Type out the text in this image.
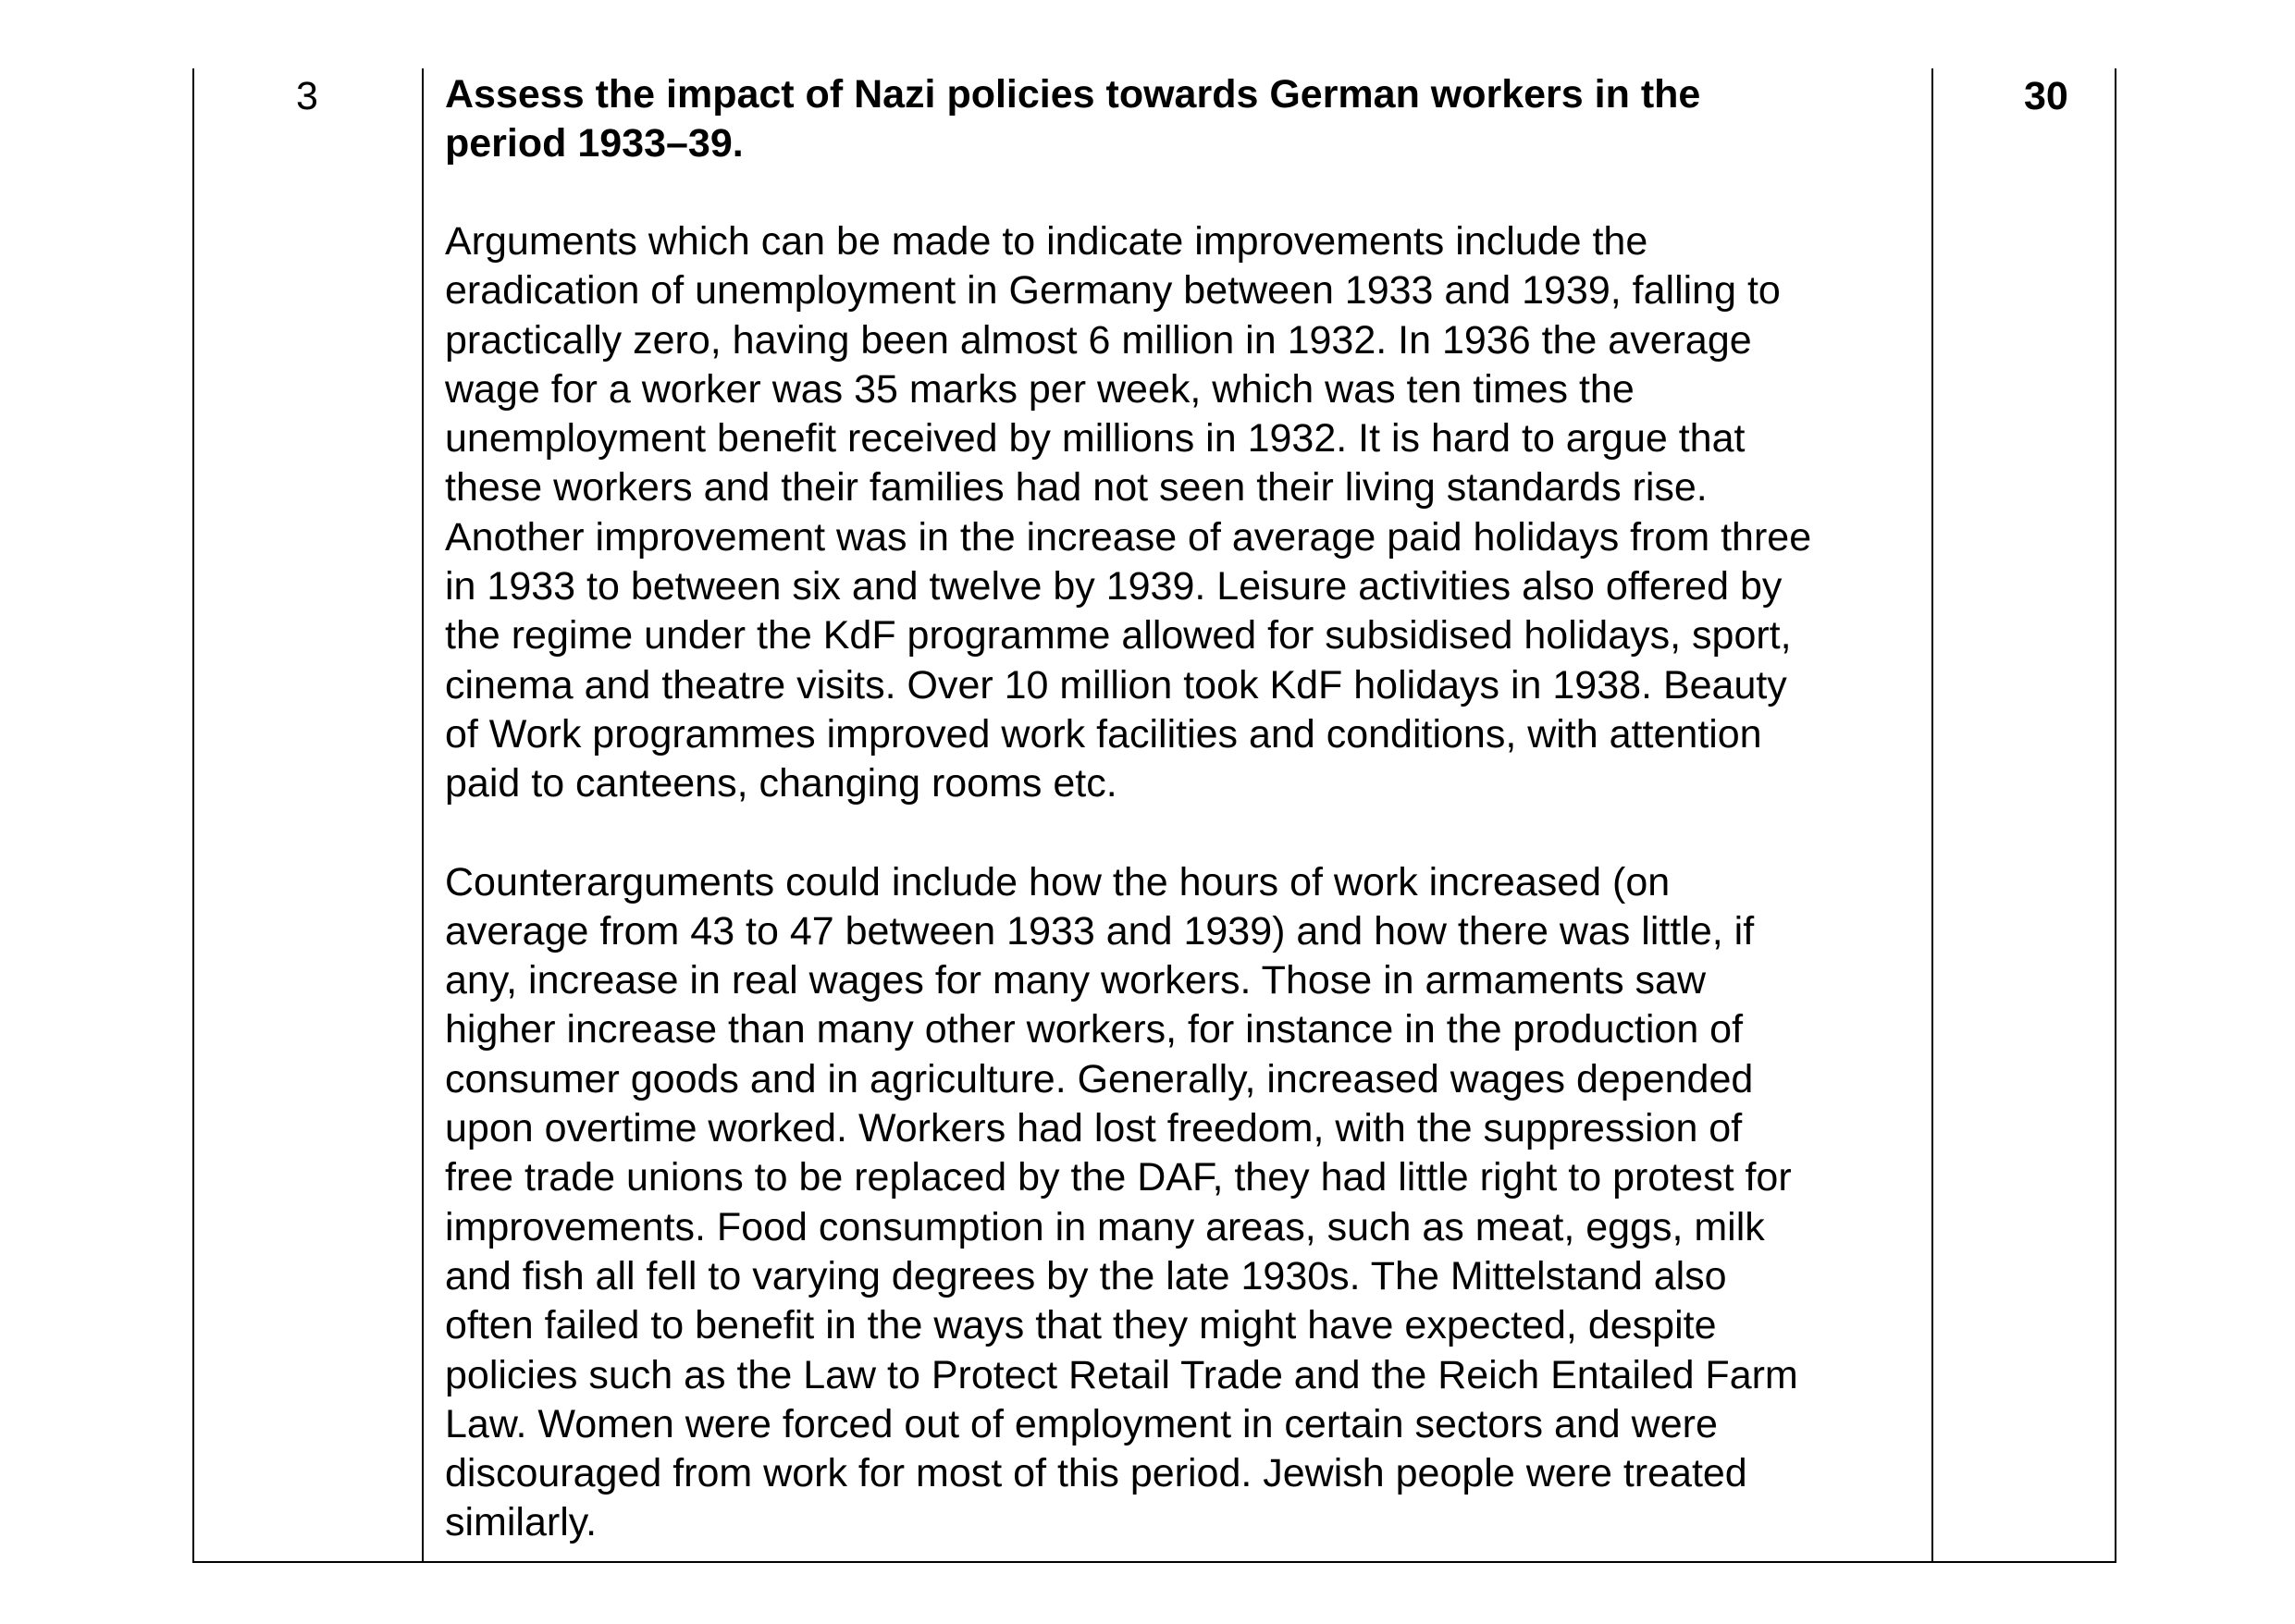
3	Assess the impact of Nazi policies towards German workers in the
period 1933–39.

Arguments which can be made to indicate improvements include the
eradication of unemployment in Germany between 1933 and 1939, falling to
practically zero, having been almost 6 million in 1932. In 1936 the average
wage for a worker was 35 marks per week, which was ten times the
unemployment benefit received by millions in 1932. It is hard to argue that
these workers and their families had not seen their living standards rise.
Another improvement was in the increase of average paid holidays from three
in 1933 to between six and twelve by 1939. Leisure activities also offered by
the regime under the KdF programme allowed for subsidised holidays, sport,
cinema and theatre visits. Over 10 million took KdF holidays in 1938. Beauty
of Work programmes improved work facilities and conditions, with attention
paid to canteens, changing rooms etc.

Counterarguments could include how the hours of work increased (on
average from 43 to 47 between 1933 and 1939) and how there was little, if
any, increase in real wages for many workers. Those in armaments saw
higher increase than many other workers, for instance in the production of
consumer goods and in agriculture. Generally, increased wages depended
upon overtime worked. Workers had lost freedom, with the suppression of
free trade unions to be replaced by the DAF, they had little right to protest for
improvements. Food consumption in many areas, such as meat, eggs, milk
and fish all fell to varying degrees by the late 1930s. The Mittelstand also
often failed to benefit in the ways that they might have expected, despite
policies such as the Law to Protect Retail Trade and the Reich Entailed Farm
Law. Women were forced out of employment in certain sectors and were
discouraged from work for most of this period. Jewish people were treated
similarly.

30
